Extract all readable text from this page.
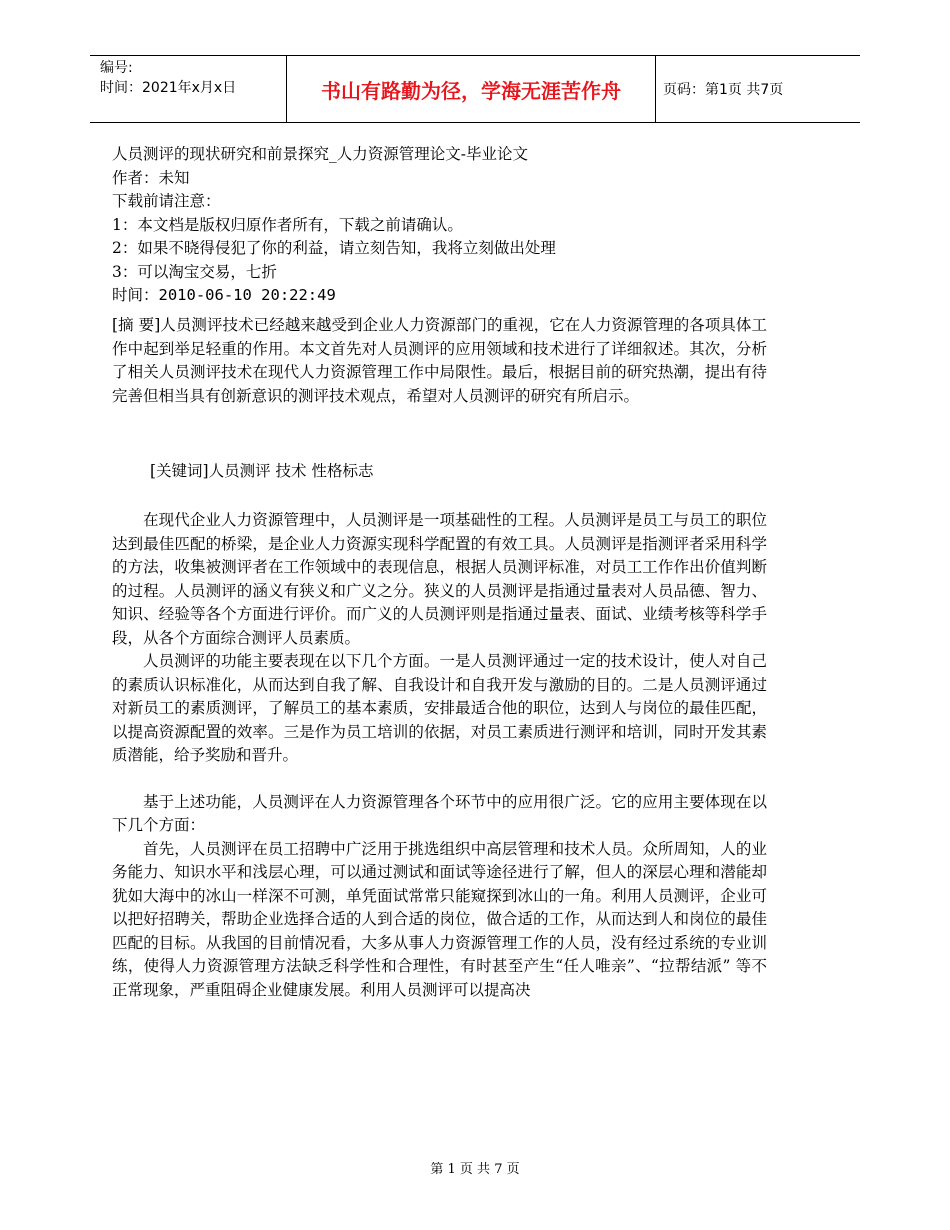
编号:
时间：2021年x月x日	书山有路勤为径，学海无涯苦作舟	页码：第1页 共7页
人员测评的现状研究和前景探究_人力资源管理论文-毕业论文
作者：未知
下载前请注意：
1：本文档是版权归原作者所有，下载之前请确认。
2：如果不晓得侵犯了你的利益，请立刻告知，我将立刻做出处理
3：可以淘宝交易，七折
时间：2010-06-10 20:22:49
[摘 要]人员测评技术已经越来越受到企业人力资源部门的重视，它在人力资源管理的各项具体工作中起到举足轻重的作用。本文首先对人员测评的应用领域和技术进行了详细叙述。其次，分析了相关人员测评技术在现代人力资源管理工作中局限性。最后，根据目前的研究热潮，提出有待完善但相当具有创新意识的测评技术观点，希望对人员测评的研究有所启示。
[关键词]人员测评 技术 性格标志

在现代企业人力资源管理中，人员测评是一项基础性的工程。人员测评是员工与员工的职位达到最佳匹配的桥梁，是企业人力资源实现科学配置的有效工具。人员测评是指测评者采用科学的方法，收集被测评者在工作领域中的表现信息，根据人员测评标准，对员工工作作出价值判断的过程。人员测评的涵义有狭义和广义之分。狭义的人员测评是指通过量表对人员品德、智力、知识、经验等各个方面进行评价。而广义的人员测评则是指通过量表、面试、业绩考核等科学手段，从各个方面综合测评人员素质。

人员测评的功能主要表现在以下几个方面。一是人员测评通过一定的技术设计，使人对自己的素质认识标准化，从而达到自我了解、自我设计和自我开发与激励的目的。二是人员测评通过对新员工的素质测评，了解员工的基本素质，安排最适合他的职位，达到人与岗位的最佳匹配，以提高资源配置的效率。三是作为员工培训的依据，对员工素质进行测评和培训，同时开发其素质潜能，给予奖励和晋升。

基于上述功能，人员测评在人力资源管理各个环节中的应用很广泛。它的应用主要体现在以下几个方面：

首先，人员测评在员工招聘中广泛用于挑选组织中高层管理和技术人员。众所周知，人的业务能力、知识水平和浅层心理，可以通过测试和面试等途径进行了解，但人的深层心理和潜能却犹如大海中的冰山一样深不可测，单凭面试常常只能窥探到冰山的一角。利用人员测评，企业可以把好招聘关，帮助企业选择合适的人到合适的岗位，做合适的工作，从而达到人和岗位的最佳匹配的目标。从我国的目前情况看，大多从事人力资源管理工作的人员，没有经过系统的专业训练，使得人力资源管理方法缺乏科学性和合理性，有时甚至产生“任人唯亲”、“拉帮结派” 等不正常现象，严重阻碍企业健康发展。利用人员测评可以提高决

第 1 页 共 7 页
